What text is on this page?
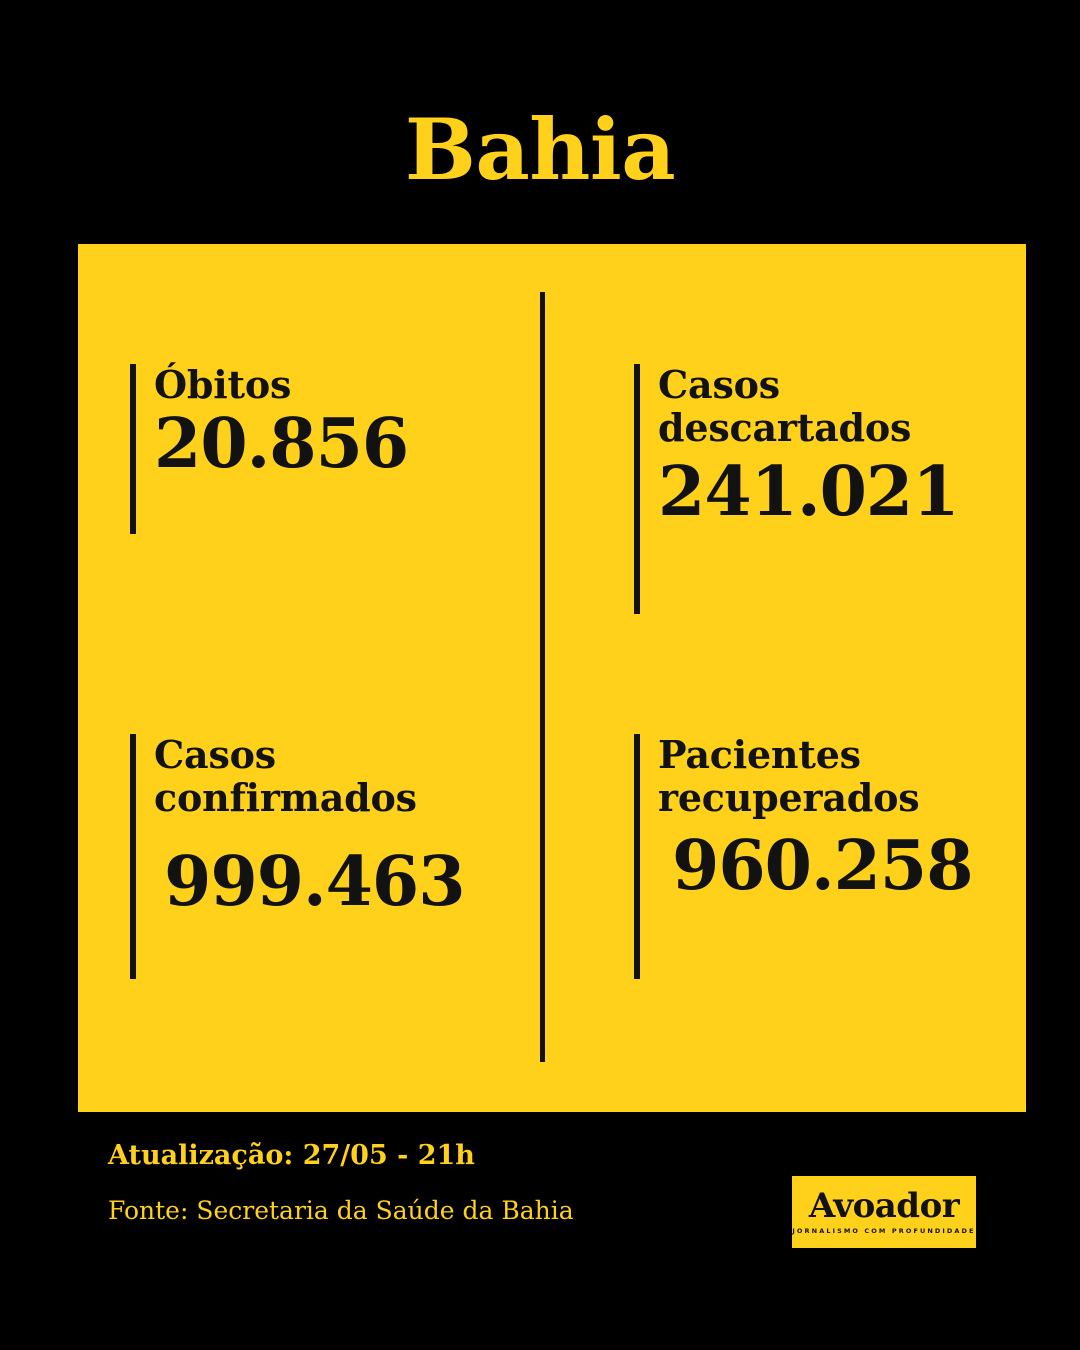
Bahia
Óbitos
20.856
Casos
descartados
241.021
Casos
confirmados
999.463
Pacientes
recuperados
960.258
Atualização: 27/05 - 21h
Fonte: Secretaria da Saúde da Bahia	Avoador
JORNALISMO COM PROFUNDIDADE
